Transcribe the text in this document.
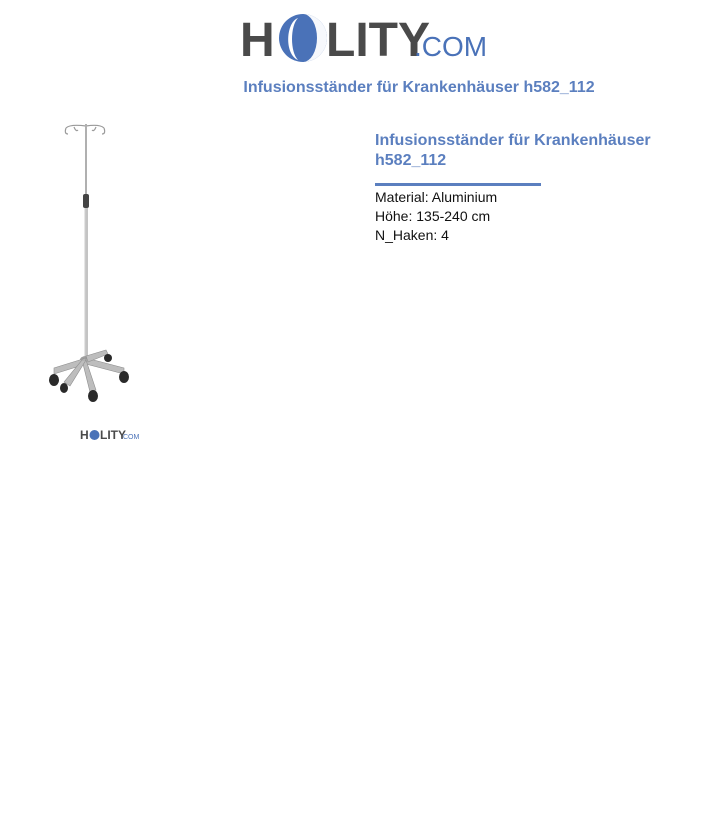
H LITY
.COM
Infusionsständer für Krankenhäuser h582_112
H LITY
.COM
Infusionsständer für Krankenhäuser h582_112
Material: Aluminium
Höhe: 135-240 cm
N_Haken: 4
